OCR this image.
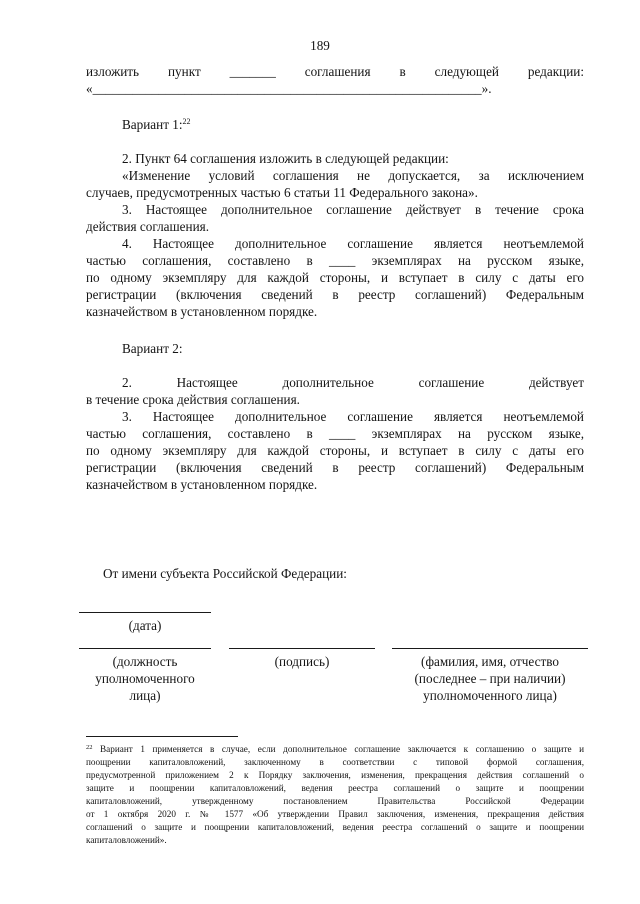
189
изложить пункт _______ соглашения в следующей редакции:
«___________________________________________________________».
Вариант 1:$^{22}$
2. Пункт 64 соглашения изложить в следующей редакции:
«Изменение условий соглашения не допускается, за исключением
случаев, предусмотренных частью 6 статьи 11 Федерального закона».
3. Настоящее дополнительное соглашение действует в течение срока
действия соглашения.
4. Настоящее дополнительное соглашение является неотъемлемой
частью соглашения, составлено в ____ экземплярах на русском языке,
по одному экземпляру для каждой стороны, и вступает в силу с даты его
регистрации (включения сведений в реестр соглашений) Федеральным
казначейством в установленном порядке.
Вариант 2:
2. Настоящее дополнительное соглашение действует
в течение срока действия соглашения.
3. Настоящее дополнительное соглашение является неотъемлемой
частью соглашения, составлено в ____ экземплярах на русском языке,
по одному экземпляру для каждой стороны, и вступает в силу с даты его
регистрации (включения сведений в реестр соглашений) Федеральным
казначейством в установленном порядке.
От имени субъекта Российской Федерации:
(дата)
(должность
уполномоченного
лица)
(подпись)	(фамилия, имя, отчество
(последнее – при наличии)
уполномоченного лица)
$^{22}$ Вариант 1 применяется в случае, если дополнительное соглашение заключается к соглашению о защите и
поощрении капиталовложений, заключенному в соответствии с типовой формой соглашения,
предусмотренной приложением 2 к Порядку заключения, изменения, прекращения действия соглашений о
защите и поощрении капиталовложений, ведения реестра соглашений о защите и поощрении
капиталовложений, утвержденному постановлением Правительства Российской Федерации
от 1 октября 2020 г. № 1577 «Об утверждении Правил заключения, изменения, прекращения действия
соглашений о защите и поощрении капиталовложений, ведения реестра соглашений о защите и поощрении
капиталовложений».
